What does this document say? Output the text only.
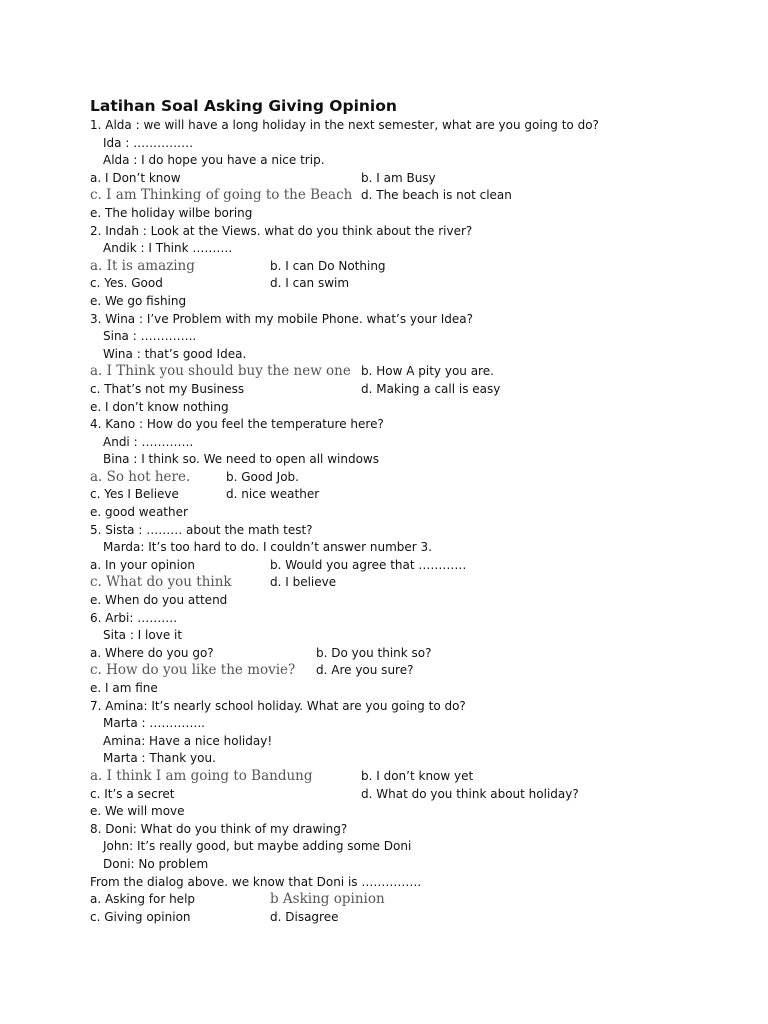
Latihan Soal Asking Giving Opinion
1. Alda : we will have a long holiday in the next semester, what are you going to do?
Ida : ……………
Alda : I do hope you have a nice trip.
a. I Don’t know	b. I am Busy
c. I am Thinking of going to the Beach d. The beach is not clean
e. The holiday wilbe boring
2. Indah : Look at the Views. what do you think about the river?
Andik : I Think ……….
a. It is amazing	b. I can Do Nothing
c. Yes. Good	d. I can swim
e. We go fishing
3. Wina : I’ve Problem with my mobile Phone. what’s your Idea?
Sina : …………..
Wina : that’s good Idea.
a. I Think you should buy the new one b. How A pity you are.
c. That’s not my Business	d. Making a call is easy
e. I don’t know nothing
4. Kano : How do you feel the temperature here?
Andi : ………….
Bina : I think so. We need to open all windows
a. So hot here.	b. Good Job.
c. Yes I Believe	d. nice weather
e. good weather
5. Sista : ……… about the math test?
Marda: It’s too hard to do. I couldn’t answer number 3.
a. In your opinion	b. Would you agree that …………
c. What do you think	d. I believe
e. When do you attend
6. Arbi: ……….
Sita : I love it
a. Where do you go?	b. Do you think so?
c. How do you like the movie? d. Are you sure?
e. I am fine
7. Amina: It’s nearly school holiday. What are you going to do?
Marta : …………..
Amina: Have a nice holiday!
Marta : Thank you.
a. I think I am going to Bandung	b. I don’t know yet
c. It’s a secret	d. What do you think about holiday?
e. We will move
8. Doni: What do you think of my drawing?
John: It’s really good, but maybe adding some Doni
Doni: No problem
From the dialog above. we know that Doni is ……………
a. Asking for help	b Asking opinion
c. Giving opinion	d. Disagree
